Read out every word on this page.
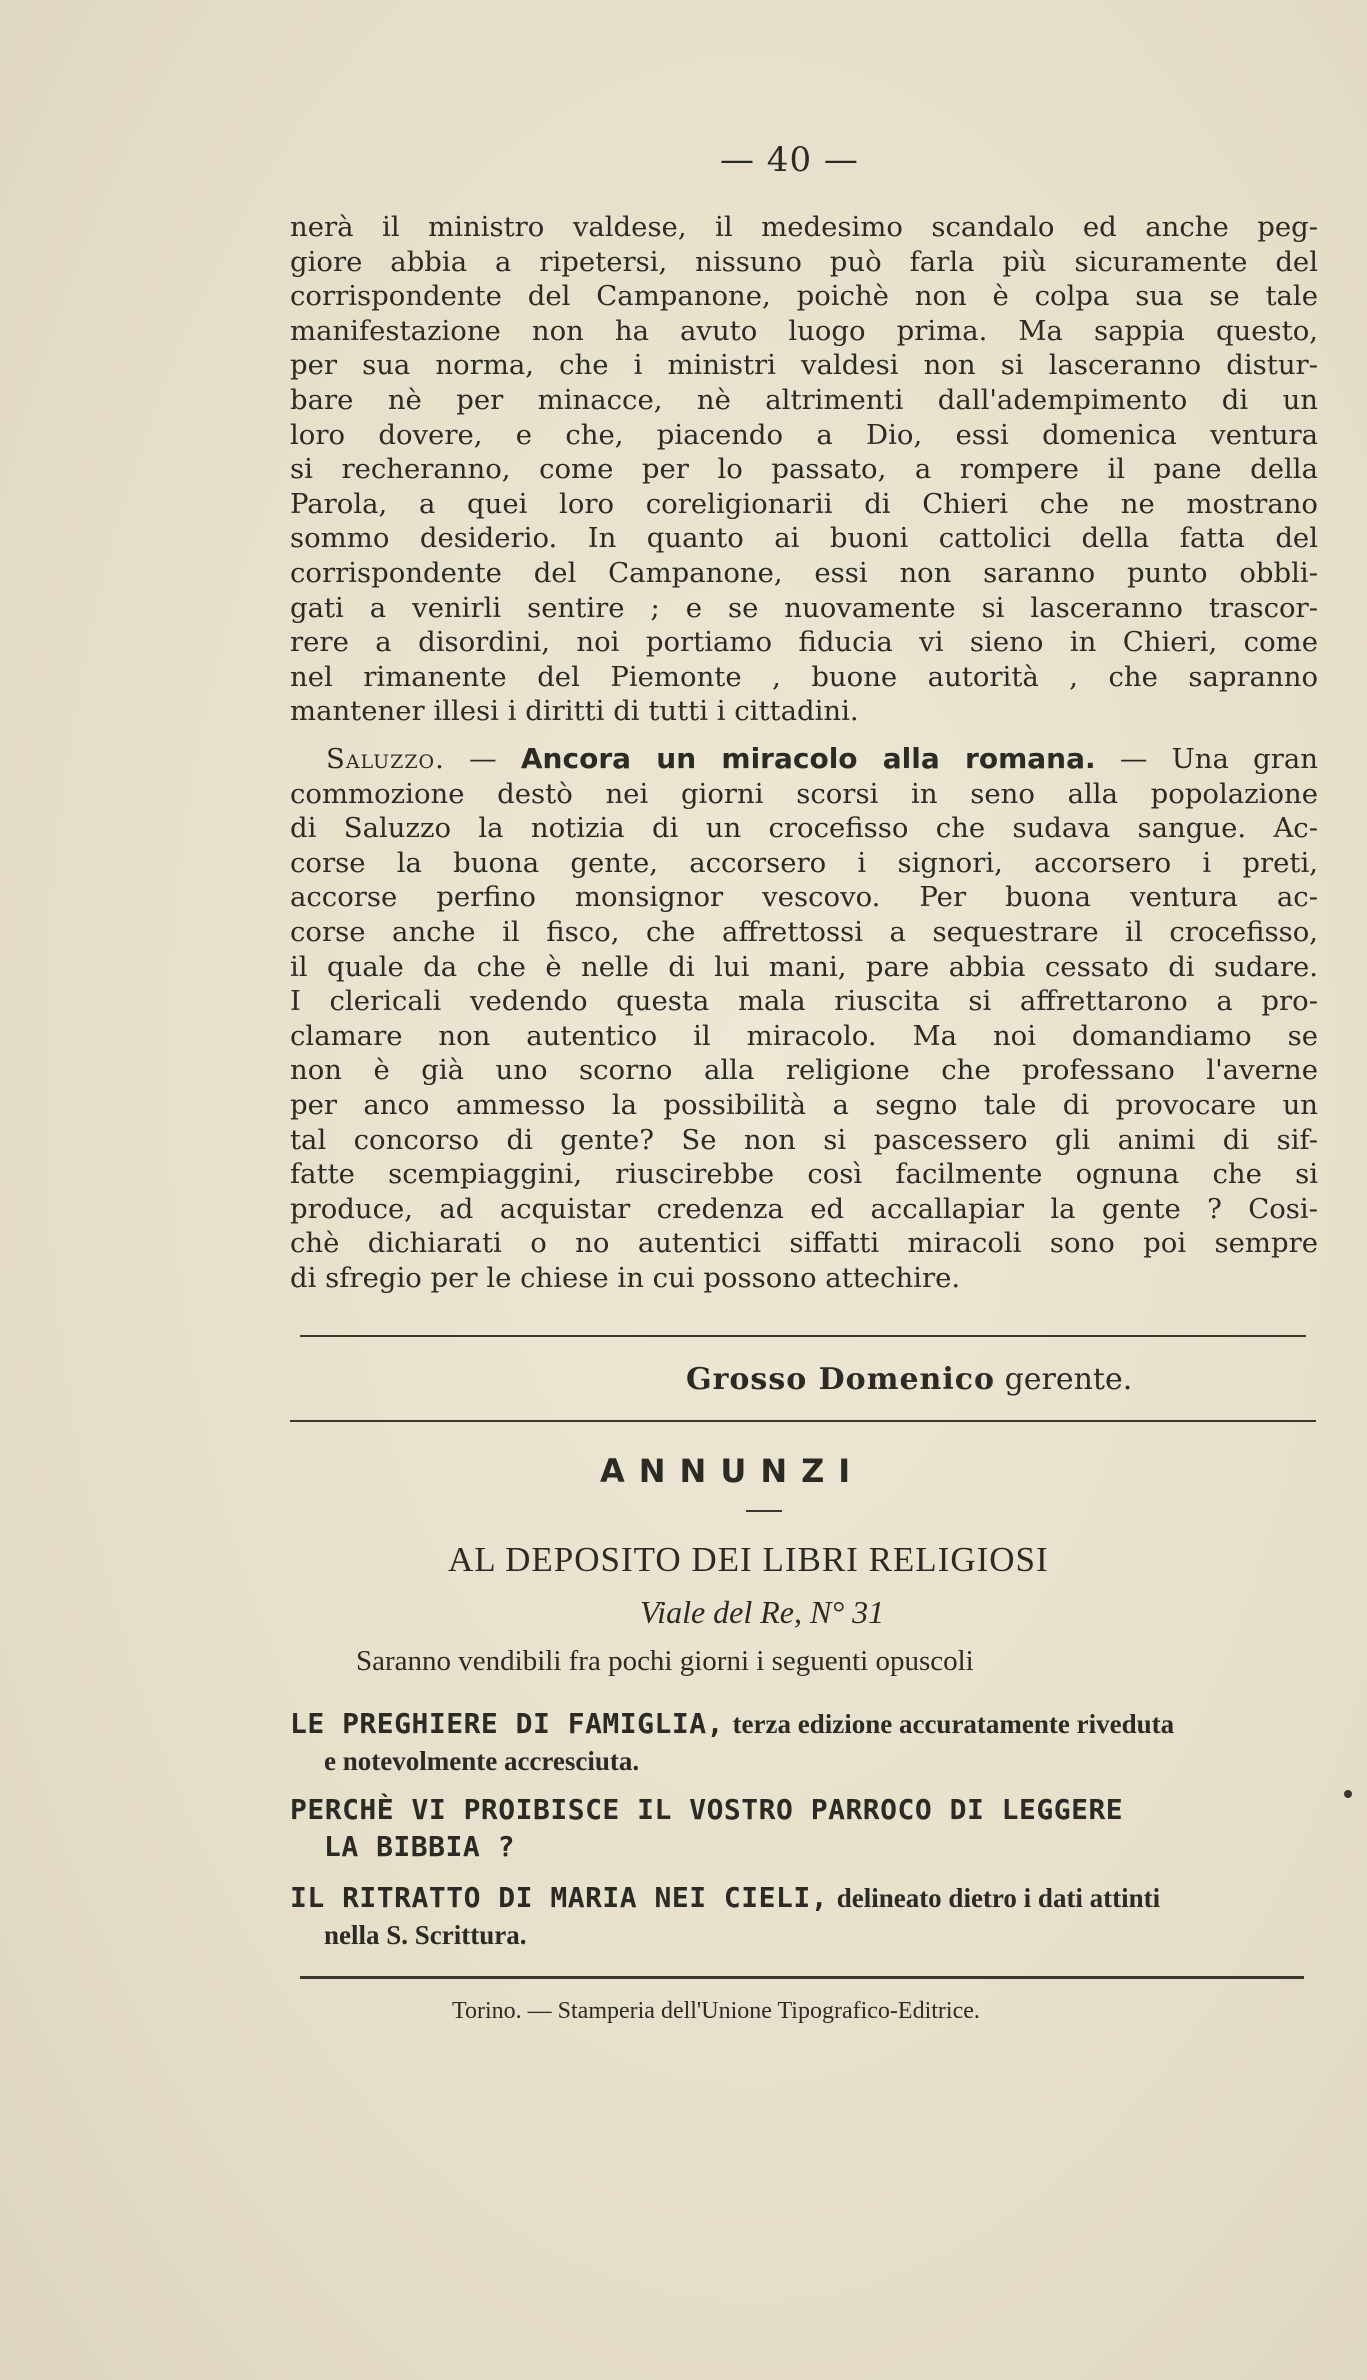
— 40 —
nerà il ministro valdese, il medesimo scandalo ed anche peg-
giore abbia a ripetersi, nissuno può farla più sicuramente del
corrispondente del Campanone, poichè non è colpa sua se tale
manifestazione non ha avuto luogo prima. Ma sappia questo,
per sua norma, che i ministri valdesi non si lasceranno distur-
bare nè per minacce, nè altrimenti dall'adempimento di un
loro dovere, e che, piacendo a Dio, essi domenica ventura
si recheranno, come per lo passato, a rompere il pane della
Parola, a quei loro coreligionarii di Chieri che ne mostrano
sommo desiderio. In quanto ai buoni cattolici della fatta del
corrispondente del Campanone, essi non saranno punto obbli-
gati a venirli sentire ; e se nuovamente si lasceranno trascor-
rere a disordini, noi portiamo fiducia vi sieno in Chieri, come
nel rimanente del Piemonte , buone autorità , che sapranno
mantener illesi i diritti di tutti i cittadini.
Saluzzo. — Ancora un miracolo alla romana. — Una gran
commozione destò nei giorni scorsi in seno alla popolazione
di Saluzzo la notizia di un crocefisso che sudava sangue. Ac-
corse la buona gente, accorsero i signori, accorsero i preti,
accorse perfino monsignor vescovo. Per buona ventura ac-
corse anche il fisco, che affrettossi a sequestrare il crocefisso,
il quale da che è nelle di lui mani, pare abbia cessato di sudare.
I clericali vedendo questa mala riuscita si affrettarono a pro-
clamare non autentico il miracolo. Ma noi domandiamo se
non è già uno scorno alla religione che professano l'averne
per anco ammesso la possibilità a segno tale di provocare un
tal concorso di gente? Se non si pascessero gli animi di sif-
fatte scempiaggini, riuscirebbe così facilmente ognuna che si
produce, ad acquistar credenza ed accallapiar la gente ? Cosi-
chè dichiarati o no autentici siffatti miracoli sono poi sempre
di sfregio per le chiese in cui possono attechire.
Grosso Domenico gerente.
ANNUNZI
AL DEPOSITO DEI LIBRI RELIGIOSI
Viale del Re, N° 31
Saranno vendibili fra pochi giorni i seguenti opuscoli
LE PREGHIERE DI FAMIGLIA, terza edizione accuratamente riveduta
e notevolmente accresciuta.
PERCHÈ VI PROIBISCE IL VOSTRO PARROCO DI LEGGERE
LA BIBBIA ?
IL RITRATTO DI MARIA NEI CIELI, delineato dietro i dati attinti
nella S. Scrittura.
Torino. — Stamperia dell'Unione Tipografico-Editrice.
